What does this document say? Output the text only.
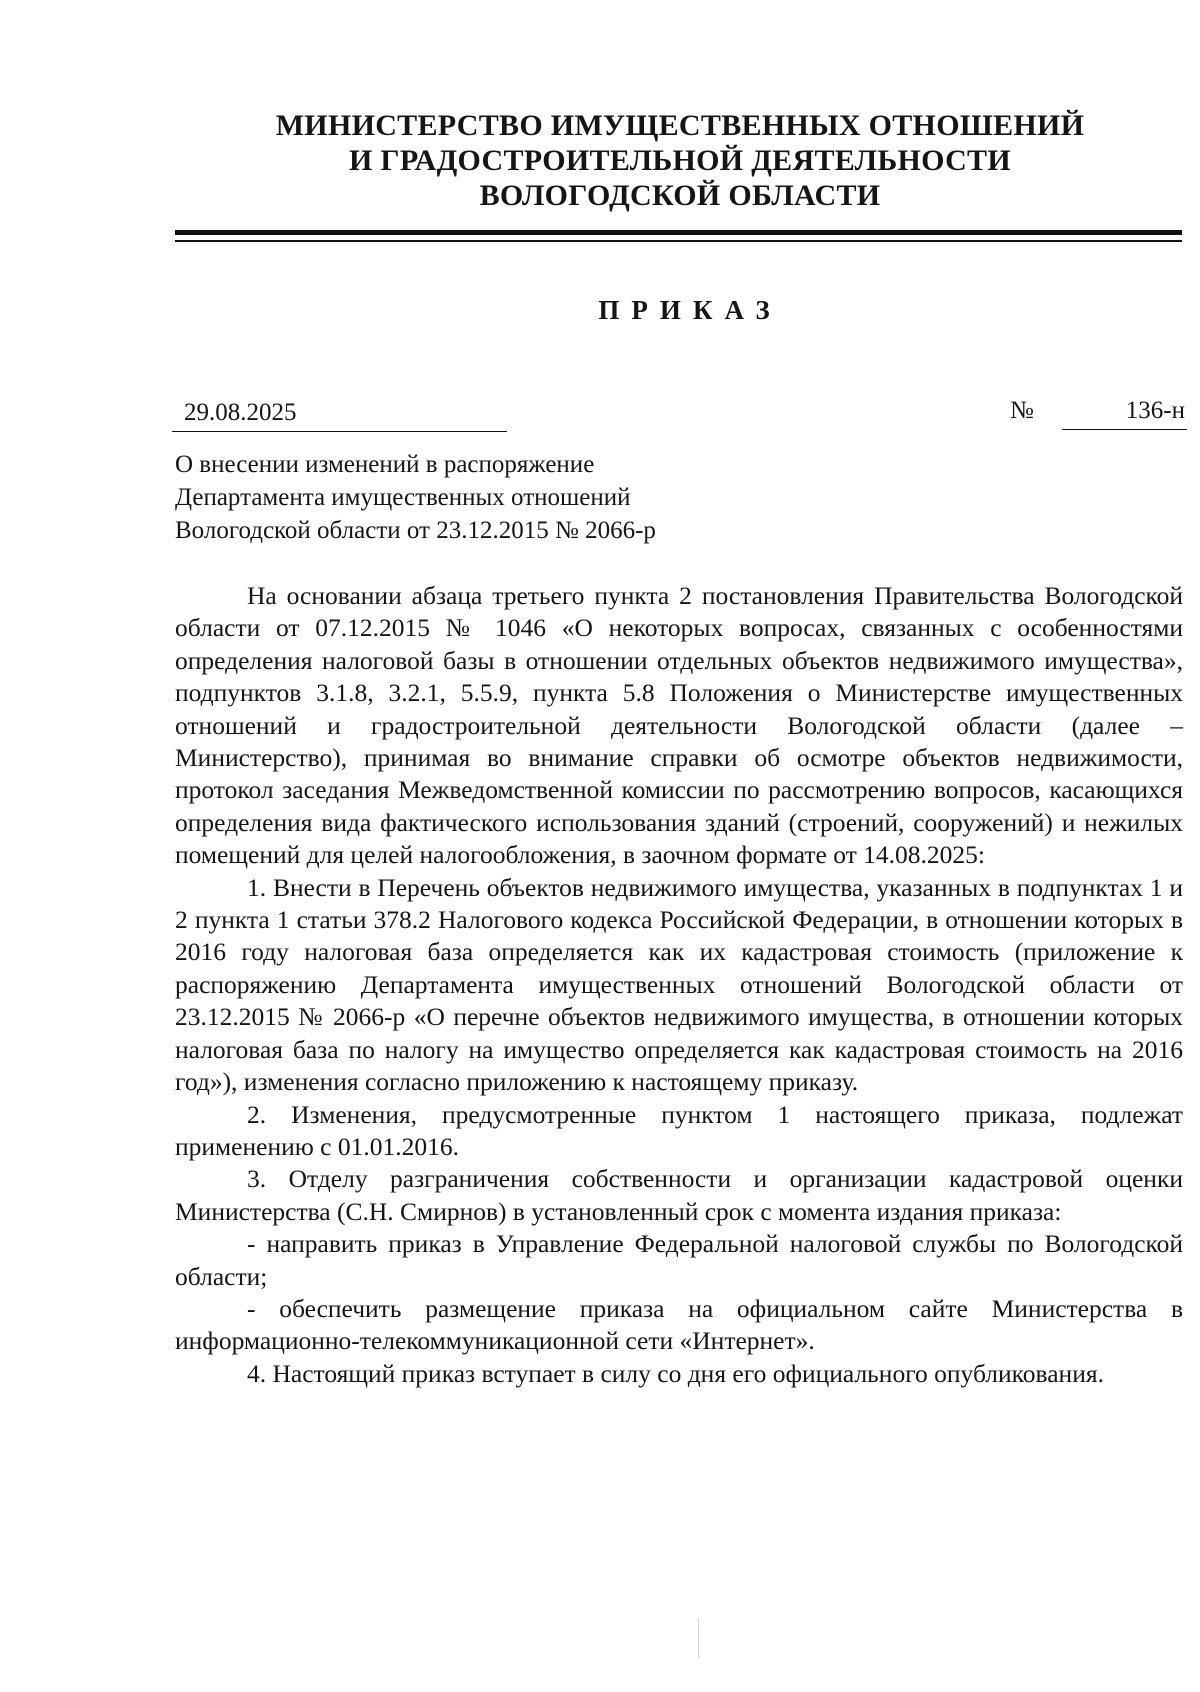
МИНИСТЕРСТВО ИМУЩЕСТВЕННЫХ ОТНОШЕНИЙ
И ГРАДОСТРОИТЕЛЬНОЙ ДЕЯТЕЛЬНОСТИ
ВОЛОГОДСКОЙ ОБЛАСТИ
ПРИКАЗ
29.08.2025	№	136-н
О внесении изменений в распоряжение
Департамента имущественных отношений
Вологодской области от 23.12.2015 № 2066-р

На основании абзаца третьего пункта 2 постановления Правительства Вологодской области от 07.12.2015 № 1046 «О некоторых вопросах, связанных с особенностями определения налоговой базы в отношении отдельных объектов недвижимого имущества», подпунктов 3.1.8, 3.2.1, 5.5.9, пункта 5.8 Положения о Министерстве имущественных отношений и градостроительной деятельности Вологодской области (далее – Министерство), принимая во внимание справки об осмотре объектов недвижимости, протокол заседания Межведомственной комиссии по рассмотрению вопросов, касающихся определения вида фактического использования зданий (строений, сооружений) и нежилых помещений для целей налогообложения, в заочном формате от 14.08.2025:

1. Внести в Перечень объектов недвижимого имущества, указанных в подпунктах 1 и 2 пункта 1 статьи 378.2 Налогового кодекса Российской Федерации, в отношении которых в 2016 году налоговая база определяется как их кадастровая стоимость (приложение к распоряжению Департамента имущественных отношений Вологодской области от 23.12.2015 № 2066-р «О перечне объектов недвижимого имущества, в отношении которых налоговая база по налогу на имущество определяется как кадастровая стоимость на 2016 год»), изменения согласно приложению к настоящему приказу.

2. Изменения, предусмотренные пунктом 1 настоящего приказа, подлежат применению с 01.01.2016.

3. Отделу разграничения собственности и организации кадастровой оценки Министерства (С.Н. Смирнов) в установленный срок с момента издания приказа:

- направить приказ в Управление Федеральной налоговой службы по Вологодской области;

- обеспечить размещение приказа на официальном сайте Министерства в информационно-телекоммуникационной сети «Интернет».

4. Настоящий приказ вступает в силу со дня его официального опубликования.
